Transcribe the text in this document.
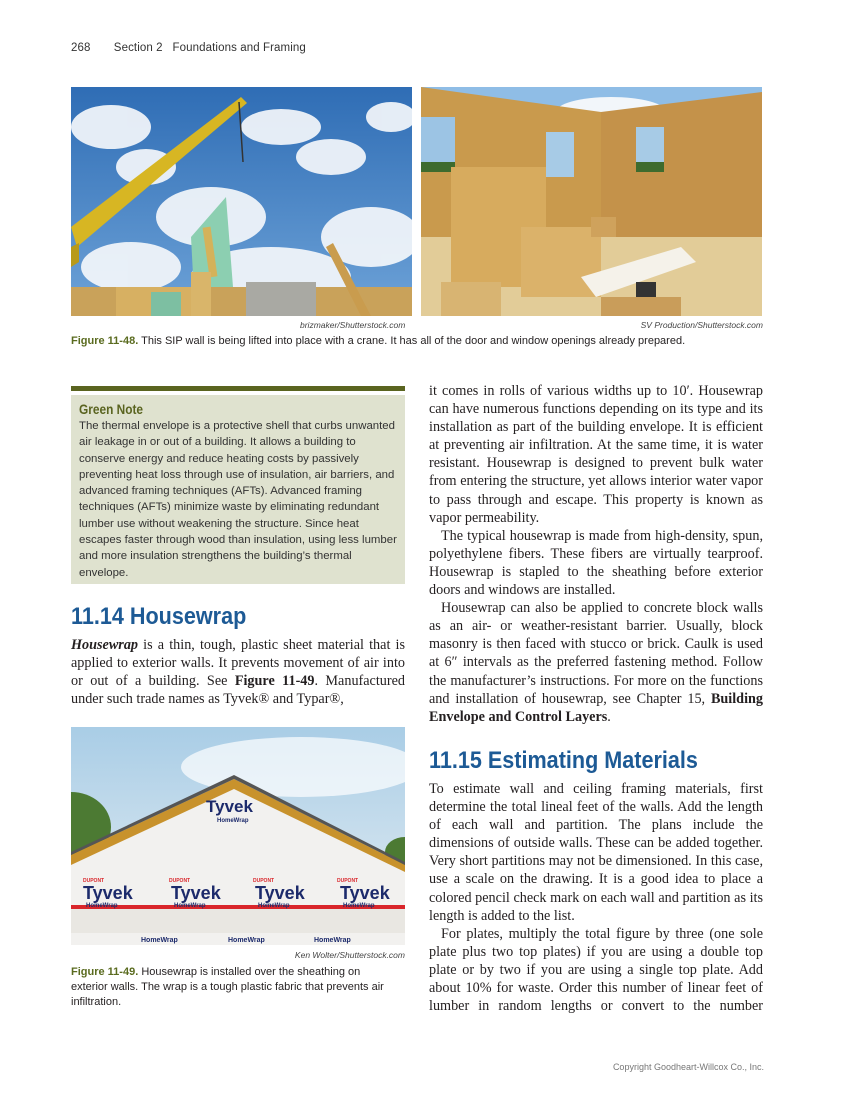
268 Section 2   Foundations and Framing
brizmaker/Shutterstock.com	SV Production/Shutterstock.com
Figure 11-48. This SIP wall is being lifted into place with a crane. It has all of the door and window openings already prepared.
Green Note
The thermal envelope is a protective shell that curbs unwanted air leakage in or out of a building. It allows a building to conserve energy and reduce heating costs by passively preventing heat loss through use of insulation, air barriers, and advanced framing techniques (AFTs). Advanced framing techniques (AFTs) minimize waste by eliminating redundant lumber use without weakening the structure. Since heat escapes faster through wood than insulation, using less lumber and more insulation strengthens the building’s thermal envelope.
11.14 Housewrap

Housewrap is a thin, tough, plastic sheet material that is applied to exterior walls. It prevents movement of air into or out of a building. See Figure 11-49. Manufactured under such trade names as Tyvek® and Typar®,

Tyvek
HomeWrap
Tyvek Tyvek Tyvek Tyvek
HomeWrap	HomeWrap	HomeWrap	HomeWrap
HomeWrap	HomeWrap	HomeWrap
DUPONT	DUPONT	DUPONT	DUPONT
Ken Wolter/Shutterstock.com
Figure 11-49. Housewrap is installed over the sheathing on exterior walls. The wrap is a tough plastic fabric that prevents air infiltration.

it comes in rolls of various widths up to 10′. Housewrap can have numerous functions depending on its type and its installation as part of the building envelope. It is efficient at preventing air infiltration. At the same time, it is water resistant. Housewrap is designed to prevent bulk water from entering the structure, yet allows interior water vapor to pass through and escape. This property is known as vapor permeability.

The typical housewrap is made from high-density, spun, polyethylene fibers. These fibers are virtually tearproof. Housewrap is stapled to the sheathing before exterior doors and windows are installed.

Housewrap can also be applied to concrete block walls as an air- or weather-resistant barrier. Usually, block masonry is then faced with stucco or brick. Caulk is used at 6″ intervals as the preferred fastening method. Follow the manufacturer’s instructions. For more on the functions and installation of housewrap, see Chapter 15, Building Envelope and Control Layers.

11.15 Estimating Materials

To estimate wall and ceiling framing materials, first determine the total lineal feet of the walls. Add the length of each wall and partition. The plans include the dimensions of outside walls. These can be added together. Very short partitions may not be dimensioned. In this case, use a scale on the drawing. It is a good idea to place a colored pencil check mark on each wall and partition as its length is added to the list.

For plates, multiply the total figure by three (one sole plate plus two top plates) if you are using a double top plate or by two if you are using a single top plate. Add about 10% for waste. Order this number of linear feet of lumber in random lengths or convert to the number

Copyright Goodheart-Willcox Co., Inc.
